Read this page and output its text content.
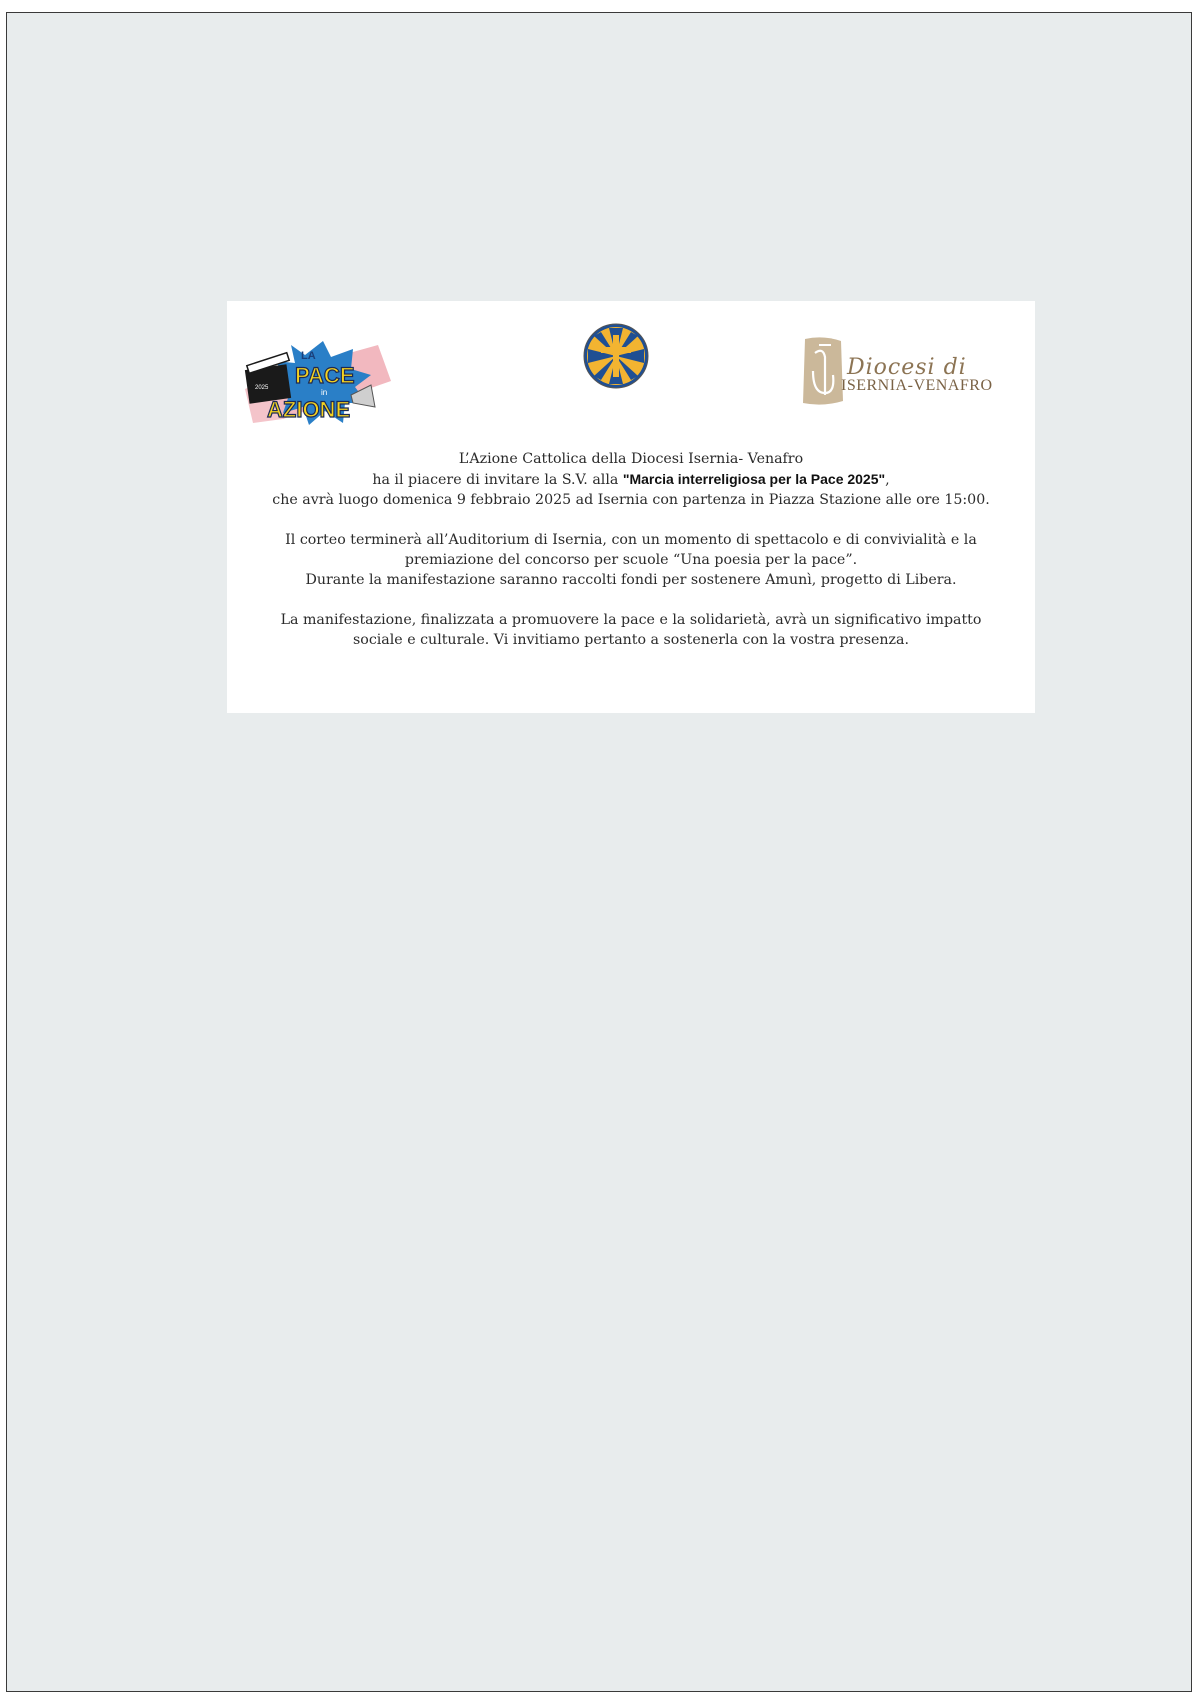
2025
LA
PACE
in
AZIONE
Diocesi di
ISERNIA-VENAFRO

L’Azione Cattolica della Diocesi Isernia- Venafro
ha il piacere di invitare la S.V. alla "Marcia interreligiosa per la Pace 2025",
che avrà luogo domenica 9 febbraio 2025 ad Isernia con partenza in Piazza Stazione alle ore 15:00.

Il corteo terminerà all’Auditorium di Isernia, con un momento di spettacolo e di convivialità e la
premiazione del concorso per scuole “Una poesia per la pace”.
Durante la manifestazione saranno raccolti fondi per sostenere Amunì, progetto di Libera.

La manifestazione, finalizzata a promuovere la pace e la solidarietà, avrà un significativo impatto
sociale e culturale. Vi invitiamo pertanto a sostenerla con la vostra presenza.
